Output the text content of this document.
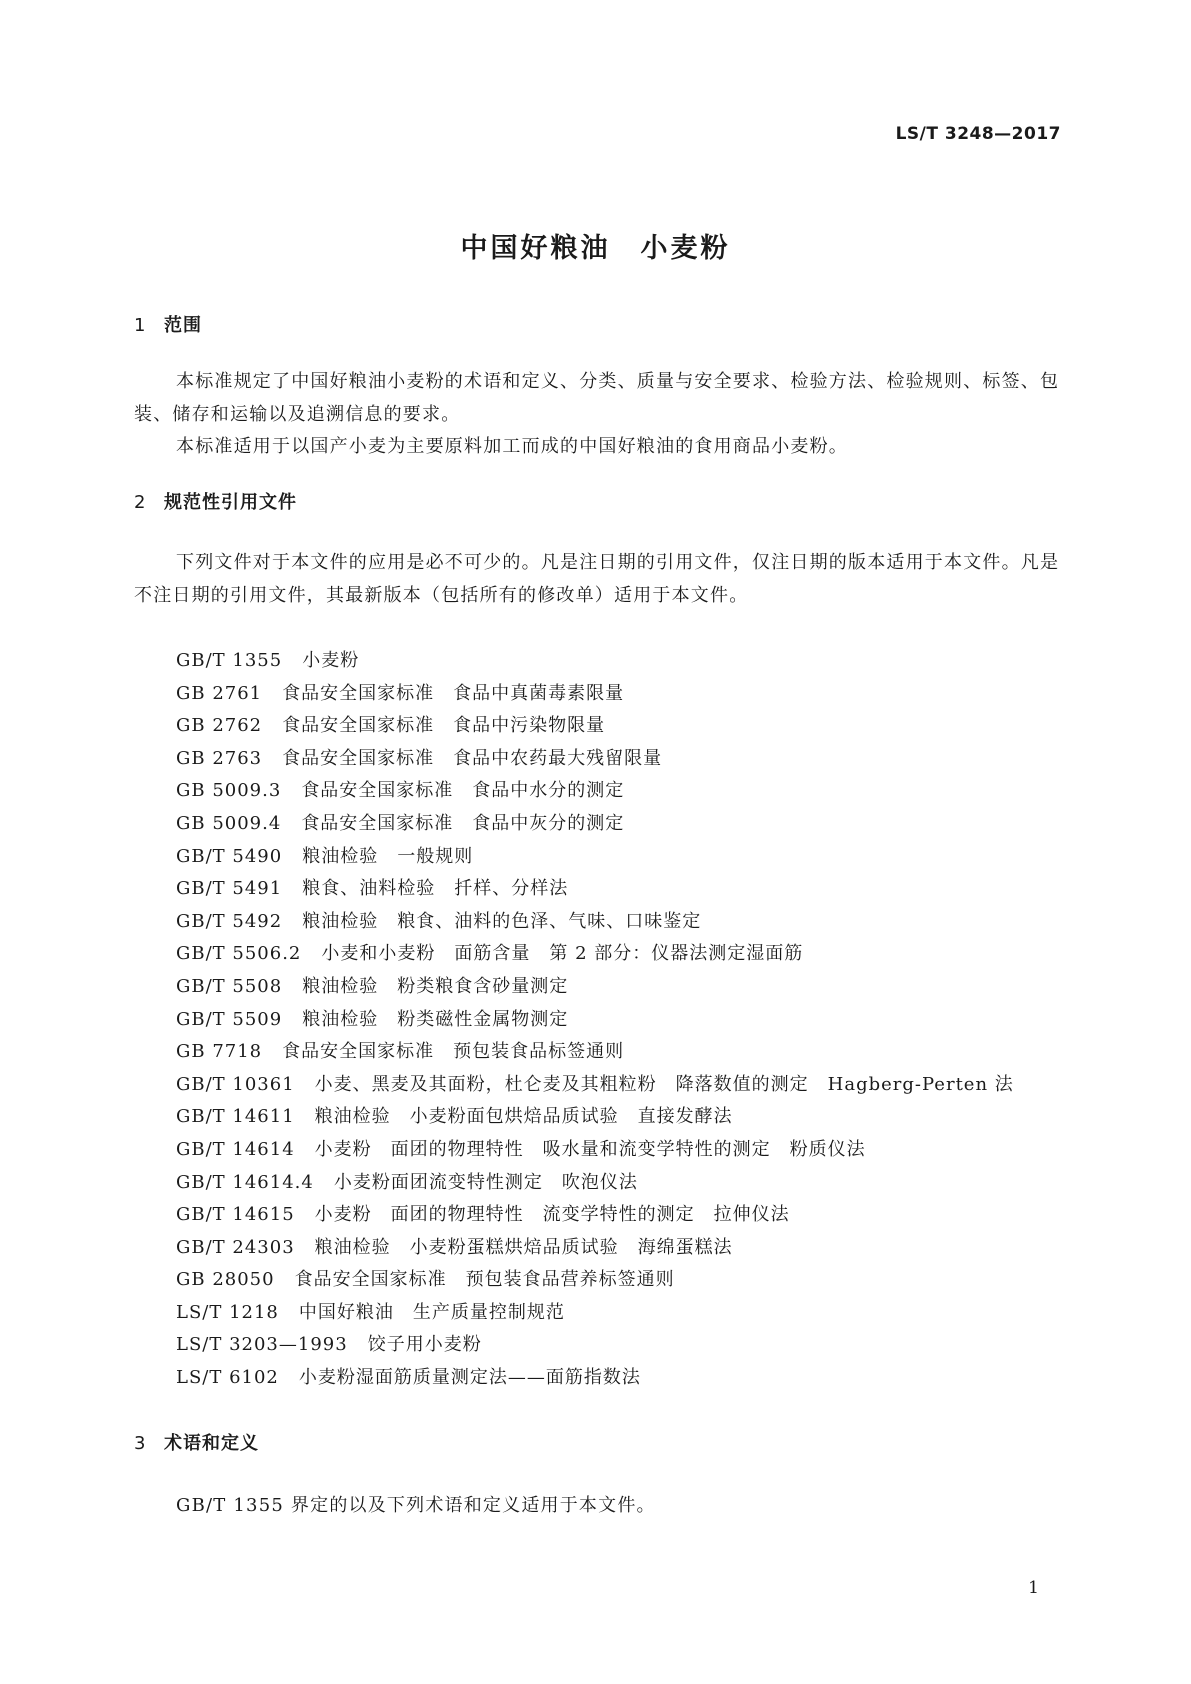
LS/T 3248—2017
中国好粮油　小麦粉
1 范围

本标准规定了中国好粮油小麦粉的术语和定义、分类、质量与安全要求、检验方法、检验规则、标签、包装、储存和运输以及追溯信息的要求。

本标准适用于以国产小麦为主要原料加工而成的中国好粮油的食用商品小麦粉。

2 规范性引用文件

下列文件对于本文件的应用是必不可少的。凡是注日期的引用文件，仅注日期的版本适用于本文件。凡是不注日期的引用文件，其最新版本（包括所有的修改单）适用于本文件。

GB/T 1355 小麦粉
GB 2761 食品安全国家标准　食品中真菌毒素限量
GB 2762 食品安全国家标准　食品中污染物限量
GB 2763 食品安全国家标准　食品中农药最大残留限量
GB 5009.3 食品安全国家标准　食品中水分的测定
GB 5009.4 食品安全国家标准　食品中灰分的测定
GB/T 5490 粮油检验　一般规则
GB/T 5491 粮食、油料检验　扦样、分样法
GB/T 5492 粮油检验　粮食、油料的色泽、气味、口味鉴定
GB/T 5506.2 小麦和小麦粉　面筋含量　第 2 部分：仪器法测定湿面筋
GB/T 5508 粮油检验　粉类粮食含砂量测定
GB/T 5509 粮油检验　粉类磁性金属物测定
GB 7718 食品安全国家标准　预包装食品标签通则
GB/T 10361 小麦、黑麦及其面粉，杜仑麦及其粗粒粉　降落数值的测定　Hagberg-Perten 法
GB/T 14611 粮油检验　小麦粉面包烘焙品质试验　直接发酵法
GB/T 14614 小麦粉　面团的物理特性　吸水量和流变学特性的测定　粉质仪法
GB/T 14614.4 小麦粉面团流变特性测定　吹泡仪法
GB/T 14615 小麦粉　面团的物理特性　流变学特性的测定　拉伸仪法
GB/T 24303 粮油检验　小麦粉蛋糕烘焙品质试验　海绵蛋糕法
GB 28050 食品安全国家标准　预包装食品营养标签通则
LS/T 1218 中国好粮油　生产质量控制规范
LS/T 3203—1993 饺子用小麦粉
LS/T 6102 小麦粉湿面筋质量测定法——面筋指数法
3 术语和定义

GB/T 1355 界定的以及下列术语和定义适用于本文件。

1
